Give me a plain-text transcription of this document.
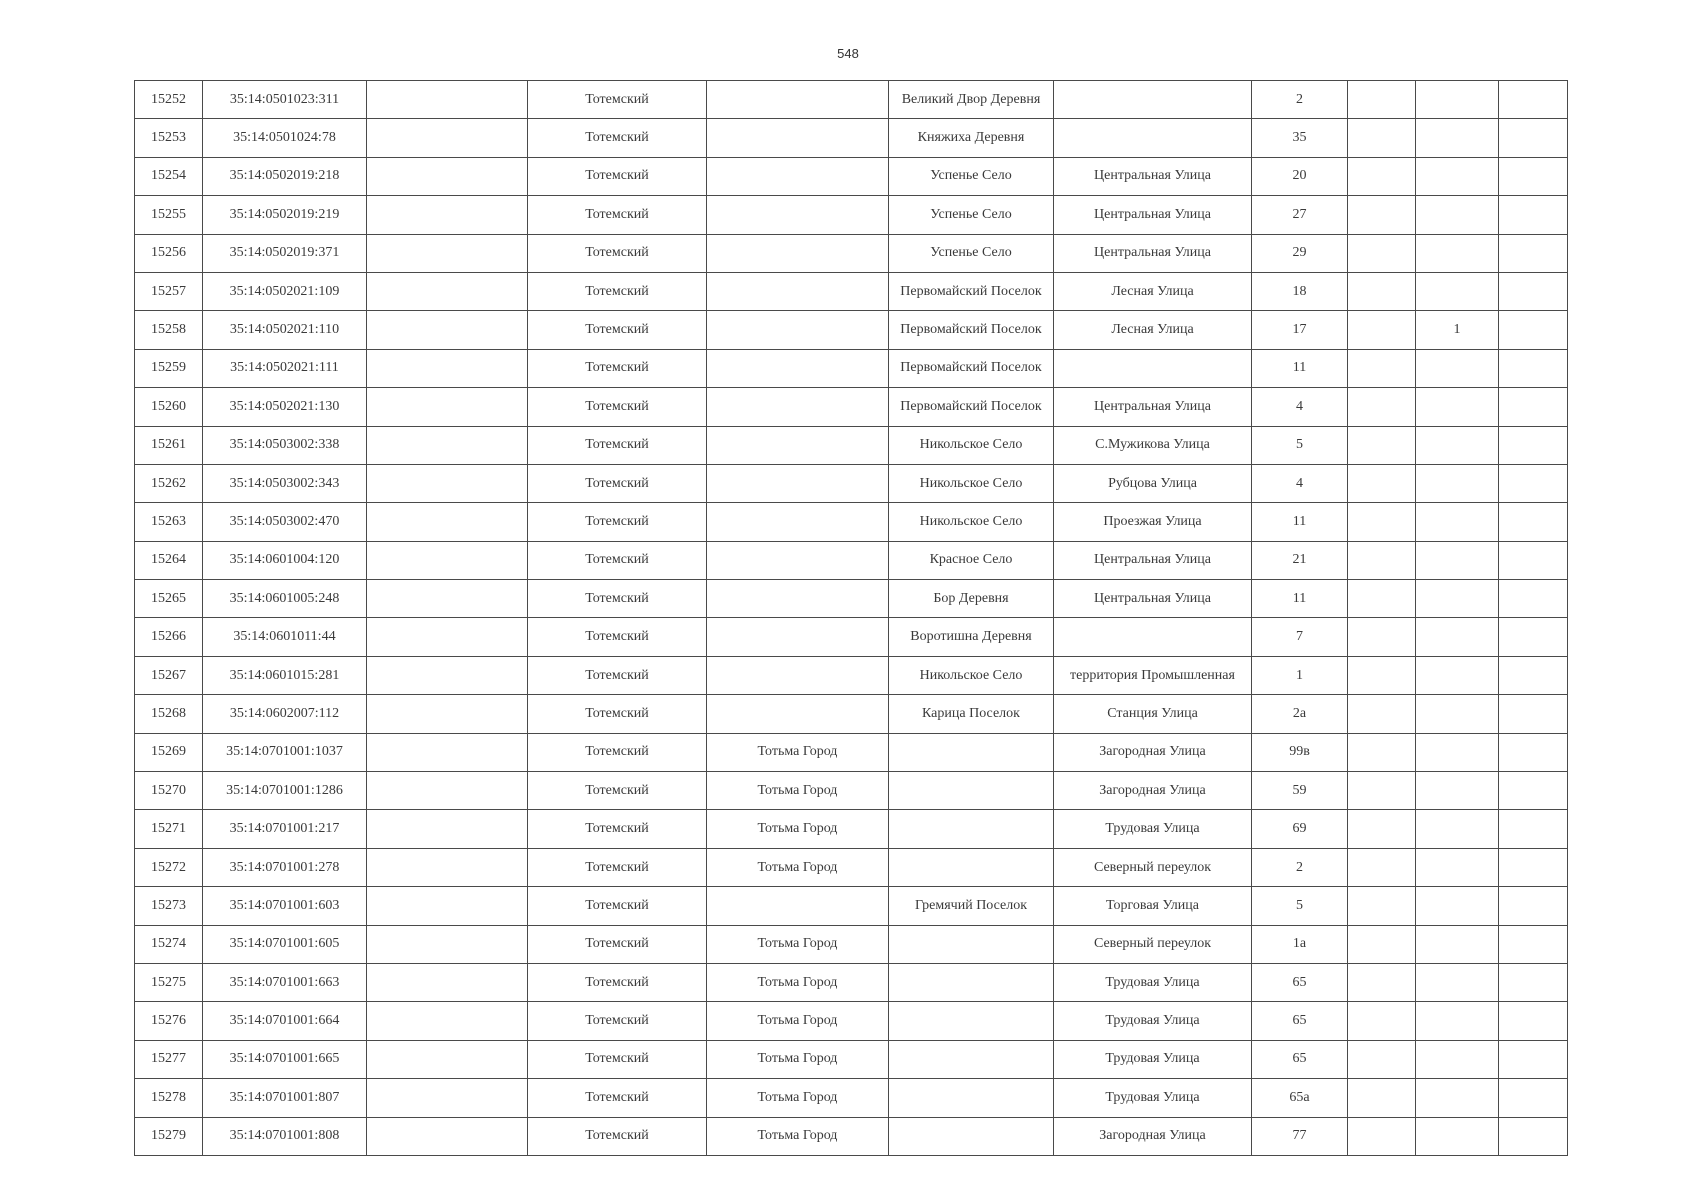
548
15252	35:14:0501023:311		Тотемский		Великий Двор Деревня		2			
15253	35:14:0501024:78		Тотемский		Княжиха Деревня		35			
15254	35:14:0502019:218		Тотемский		Успенье Село	Центральная Улица	20			
15255	35:14:0502019:219		Тотемский		Успенье Село	Центральная Улица	27			
15256	35:14:0502019:371		Тотемский		Успенье Село	Центральная Улица	29			
15257	35:14:0502021:109		Тотемский		Первомайский Поселок	Лесная Улица	18			
15258	35:14:0502021:110		Тотемский		Первомайский Поселок	Лесная Улица	17		1	
15259	35:14:0502021:111		Тотемский		Первомайский Поселок		11			
15260	35:14:0502021:130		Тотемский		Первомайский Поселок	Центральная Улица	4			
15261	35:14:0503002:338		Тотемский		Никольское Село	С.Мужикова Улица	5			
15262	35:14:0503002:343		Тотемский		Никольское Село	Рубцова Улица	4			
15263	35:14:0503002:470		Тотемский		Никольское Село	Проезжая Улица	11			
15264	35:14:0601004:120		Тотемский		Красное Село	Центральная Улица	21			
15265	35:14:0601005:248		Тотемский		Бор Деревня	Центральная Улица	11			
15266	35:14:0601011:44		Тотемский		Воротишна Деревня		7			
15267	35:14:0601015:281		Тотемский		Никольское Село	территория Промышленная	1			
15268	35:14:0602007:112		Тотемский		Карица Поселок	Станция Улица	2а			
15269	35:14:0701001:1037		Тотемский	Тотьма Город		Загородная Улица	99в			
15270	35:14:0701001:1286		Тотемский	Тотьма Город		Загородная Улица	59			
15271	35:14:0701001:217		Тотемский	Тотьма Город		Трудовая Улица	69			
15272	35:14:0701001:278		Тотемский	Тотьма Город		Северный переулок	2			
15273	35:14:0701001:603		Тотемский		Гремячий Поселок	Торговая Улица	5			
15274	35:14:0701001:605		Тотемский	Тотьма Город		Северный переулок	1а			
15275	35:14:0701001:663		Тотемский	Тотьма Город		Трудовая Улица	65			
15276	35:14:0701001:664		Тотемский	Тотьма Город		Трудовая Улица	65			
15277	35:14:0701001:665		Тотемский	Тотьма Город		Трудовая Улица	65			
15278	35:14:0701001:807		Тотемский	Тотьма Город		Трудовая Улица	65а			
15279	35:14:0701001:808		Тотемский	Тотьма Город		Загородная Улица	77			
